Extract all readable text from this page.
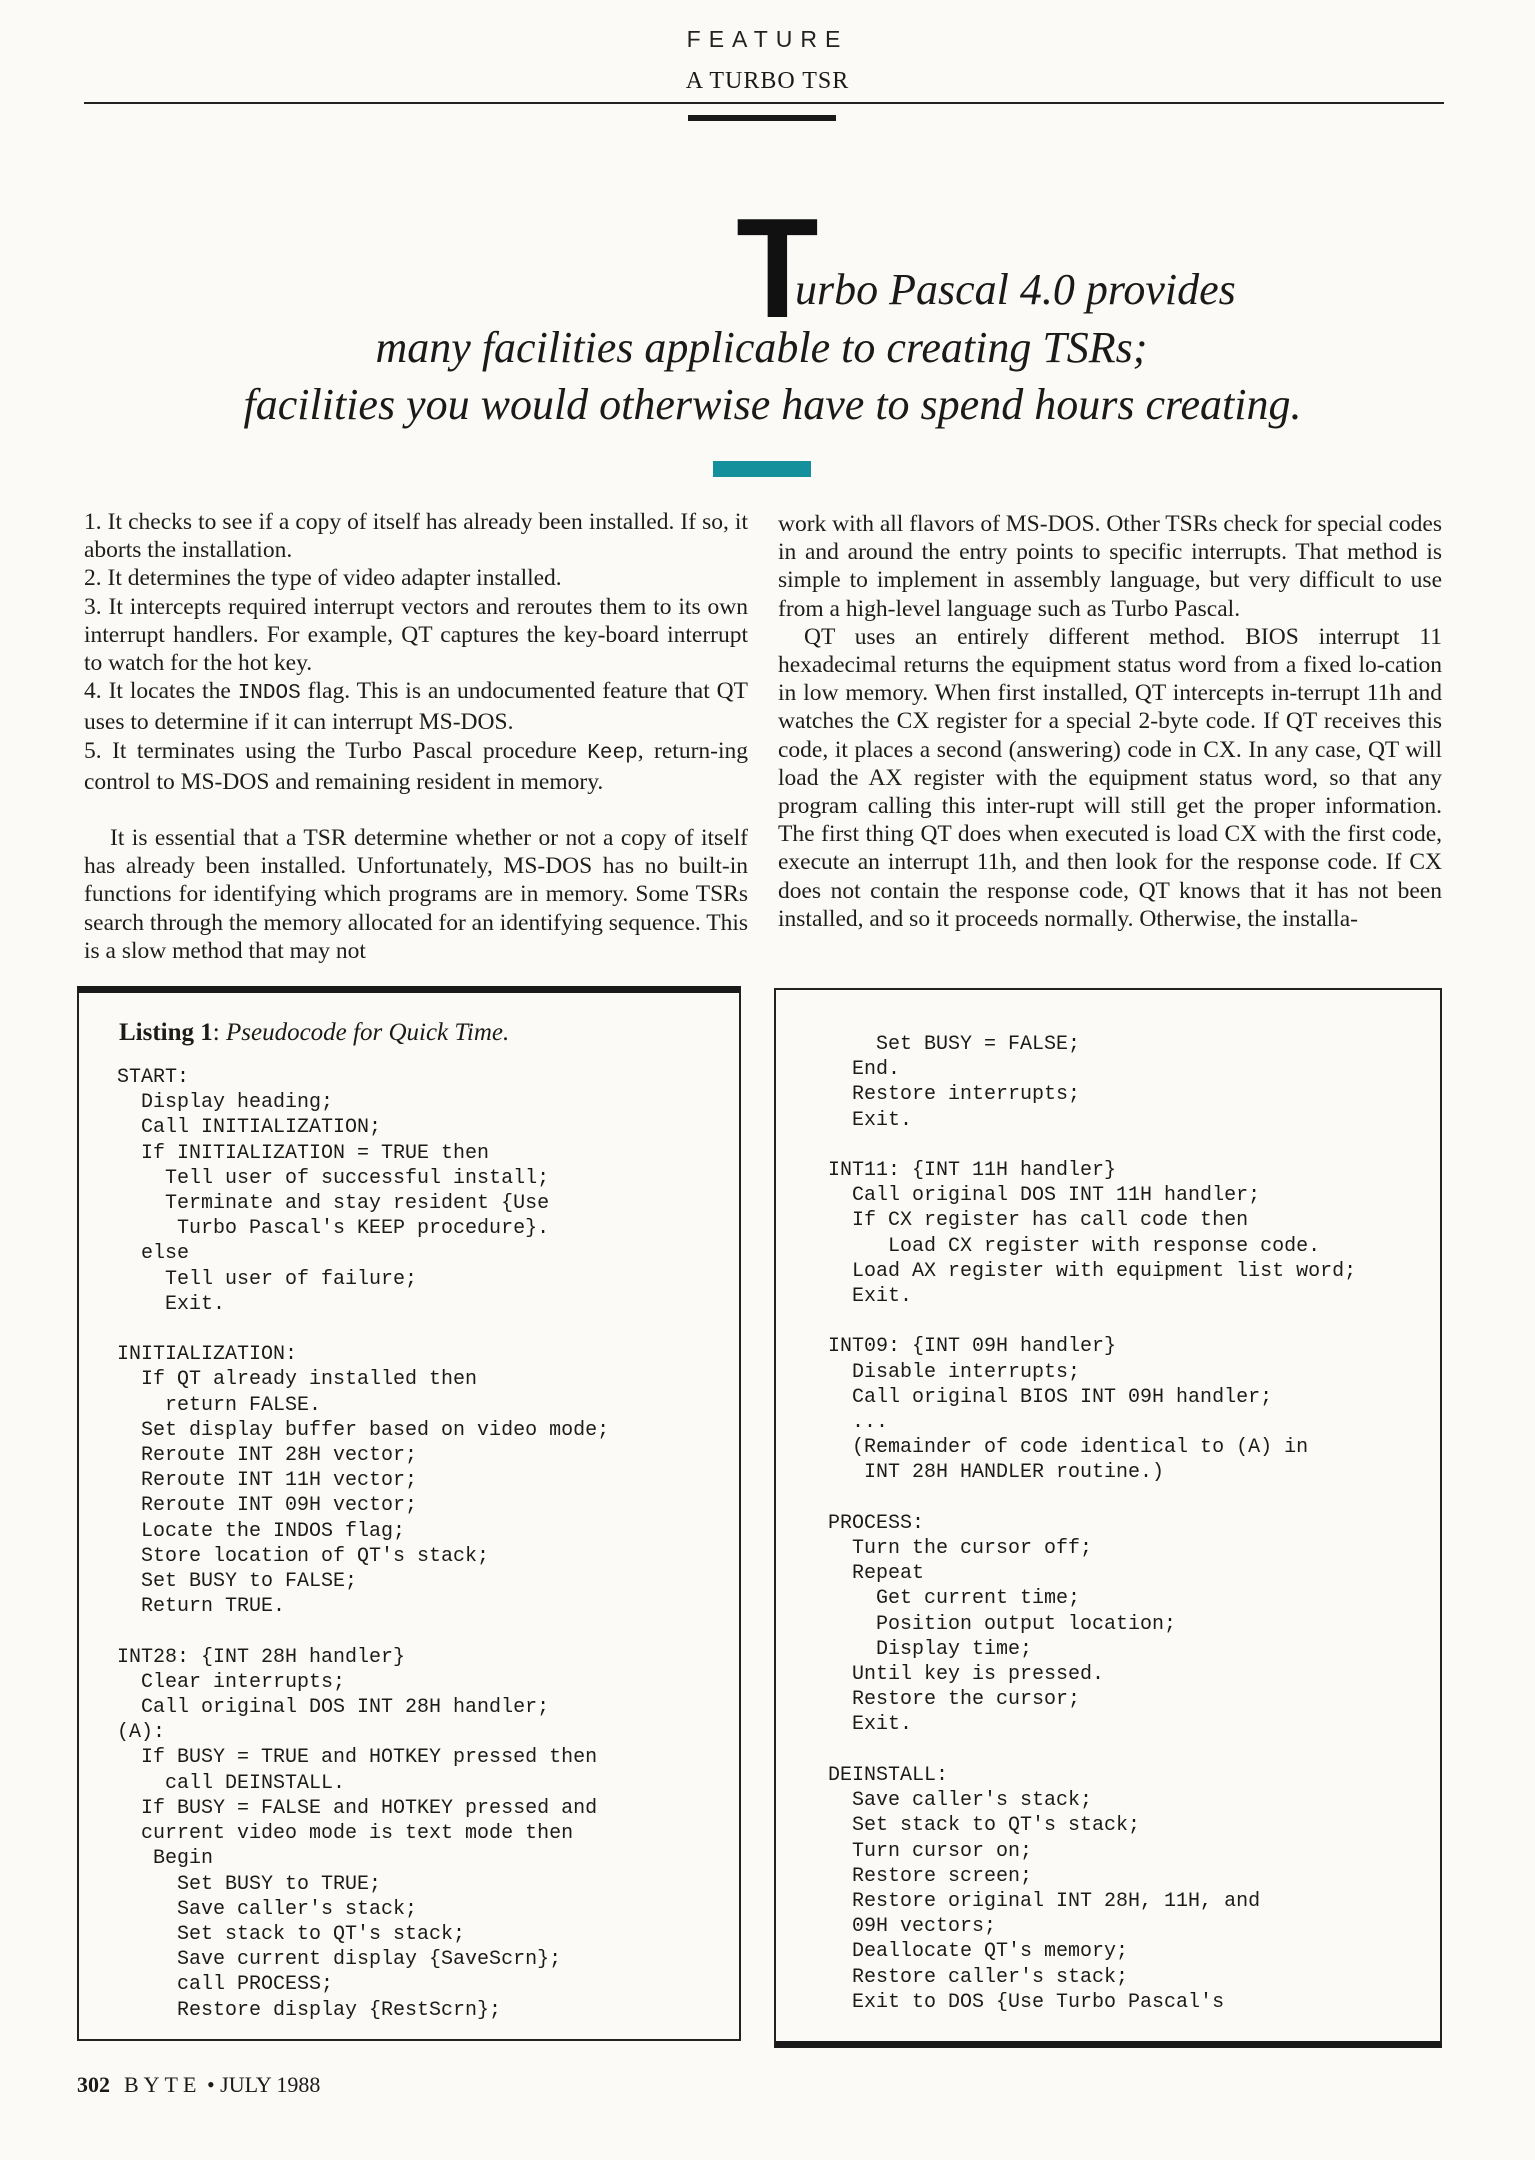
FEATURE
A TURBO TSR
T
urbo Pascal 4.0 provides
many facilities applicable to creating TSRs;
facilities you would otherwise have to spend hours creating.

1. It checks to see if a copy of itself has already been installed. If so, it aborts the installation.

2. It determines the type of video adapter installed.

3. It intercepts required interrupt vectors and reroutes them to its own interrupt handlers. For example, QT captures the key-board interrupt to watch for the hot key.

4. It locates the INDOS flag. This is an undocumented feature that QT uses to determine if it can interrupt MS-DOS.

5. It terminates using the Turbo Pascal procedure Keep, return-ing control to MS-DOS and remaining resident in memory.

It is essential that a TSR determine whether or not a copy of itself has already been installed. Unfortunately, MS-DOS has no built-in functions for identifying which programs are in memory. Some TSRs search through the memory allocated for an identifying sequence. This is a slow method that may not

work with all flavors of MS-DOS. Other TSRs check for special codes in and around the entry points to specific interrupts. That method is simple to implement in assembly language, but very difficult to use from a high-level language such as Turbo Pascal.

QT uses an entirely different method. BIOS interrupt 11 hexadecimal returns the equipment status word from a fixed lo-cation in low memory. When first installed, QT intercepts in-terrupt 11h and watches the CX register for a special 2-byte code. If QT receives this code, it places a second (answering) code in CX. In any case, QT will load the AX register with the equipment status word, so that any program calling this inter-rupt will still get the proper information. The first thing QT does when executed is load CX with the first code, execute an interrupt 11h, and then look for the response code. If CX does not contain the response code, QT knows that it has not been installed, and so it proceeds normally. Otherwise, the installa-

Listing 1: Pseudocode for Quick Time.
START:
Display heading;
Call INITIALIZATION;
If INITIALIZATION = TRUE then
Tell user of successful install;
Terminate and stay resident {Use
Turbo Pascal's KEEP procedure}.
else
Tell user of failure;
Exit.

INITIALIZATION:
If QT already installed then
return FALSE.
Set display buffer based on video mode;
Reroute INT 28H vector;
Reroute INT 11H vector;
Reroute INT 09H vector;
Locate the INDOS flag;
Store location of QT's stack;
Set BUSY to FALSE;
Return TRUE.

INT28: {INT 28H handler}
Clear interrupts;
Call original DOS INT 28H handler;
(A):
If BUSY = TRUE and HOTKEY pressed then
call DEINSTALL.
If BUSY = FALSE and HOTKEY pressed and
current video mode is text mode then
Begin
Set BUSY to TRUE;
Save caller's stack;
Set stack to QT's stack;
Save current display {SaveScrn};
call PROCESS;
Restore display {RestScrn};
Set BUSY = FALSE;
End.
Restore interrupts;
Exit.

INT11: {INT 11H handler}
Call original DOS INT 11H handler;
If CX register has call code then
Load CX register with response code.
Load AX register with equipment list word;
Exit.

INT09: {INT 09H handler}
Disable interrupts;
Call original BIOS INT 09H handler;
...
(Remainder of code identical to (A) in
INT 28H HANDLER routine.)

PROCESS:
Turn the cursor off;
Repeat
Get current time;
Position output location;
Display time;
Until key is pressed.
Restore the cursor;
Exit.

DEINSTALL:
Save caller's stack;
Set stack to QT's stack;
Turn cursor on;
Restore screen;
Restore original INT 28H, 11H, and
09H vectors;
Deallocate QT's memory;
Restore caller's stack;
Exit to DOS {Use Turbo Pascal's
302 BYTE • JULY 1988
